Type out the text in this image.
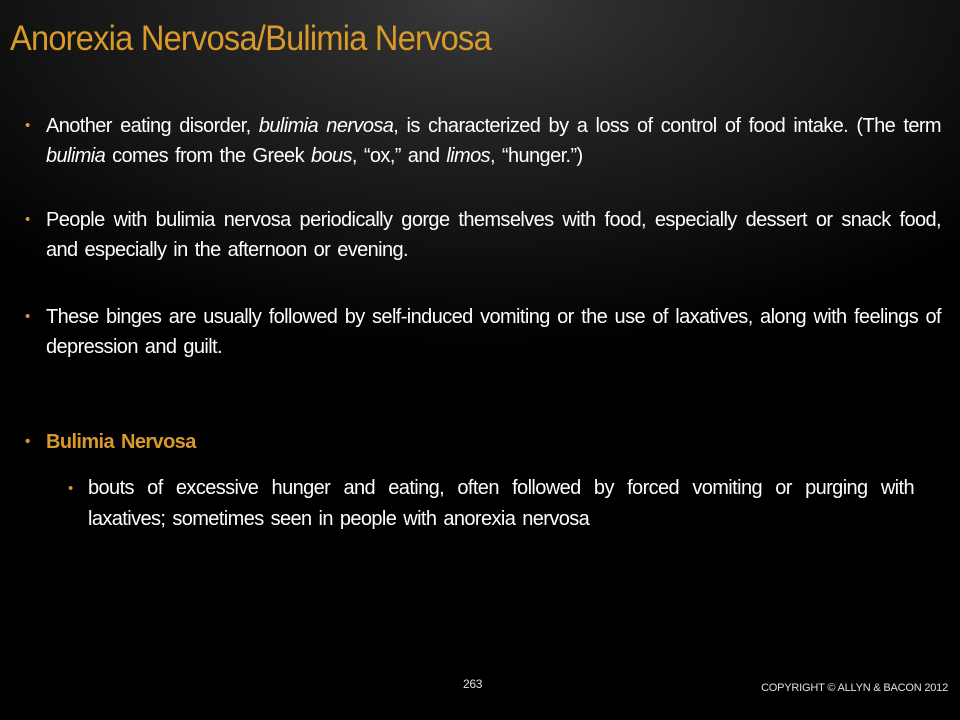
Anorexia Nervosa/Bulimia Nervosa
• Another eating disorder, bulimia nervosa, is characterized by a loss of control of food intake. (The term bulimia comes from the Greek bous, “ox,” and limos, “hunger.”)
• People with bulimia nervosa periodically gorge themselves with food, especially dessert or snack food, and especially in the afternoon or evening.
• These binges are usually followed by self-induced vomiting or the use of laxatives, along with feelings of depression and guilt.
• Bulimia Nervosa
• bouts of excessive hunger and eating, often followed by forced vomiting or purging with laxatives; sometimes seen in people with anorexia nervosa
263	COPYRIGHT © ALLYN & BACON 2012
